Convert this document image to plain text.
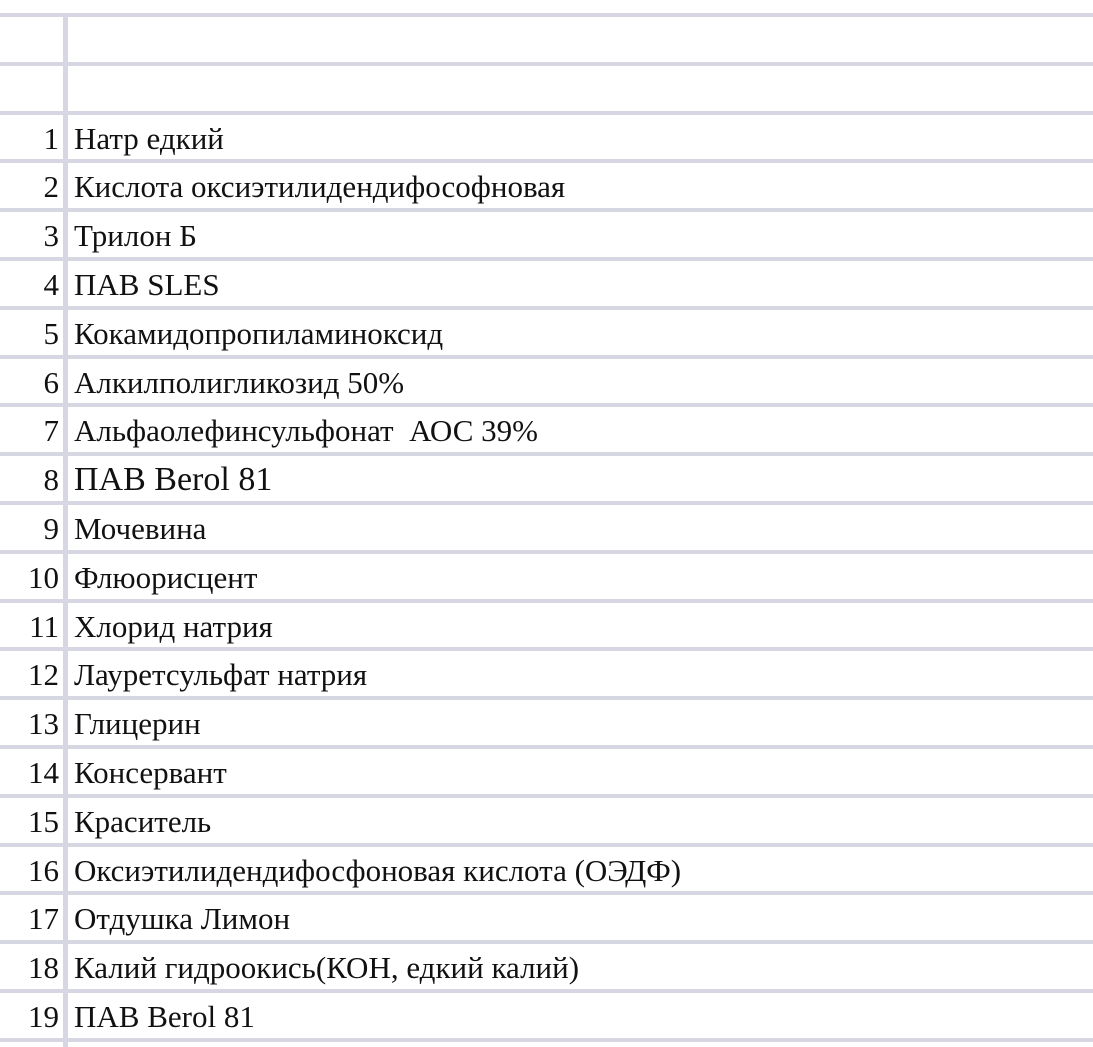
1 Натр едкий
2 Кислота оксиэтилидендифософновая
3 Трилон Б
4 ПАВ SLES
5 Кокамидопропиламиноксид
6 Алкилполигликозид 50%
7 Альфаолефинсульфонат  АОС 39%
8 ПАВ Berol 81
9 Мочевина
10 Флюорисцент
11 Хлорид натрия
12 Лауретсульфат натрия
13 Глицерин
14 Консервант
15 Краситель
16 Оксиэтилидендифосфоновая кислота (ОЭДФ)
17 Отдушка Лимон
18 Калий гидроокись(КОН, едкий калий)
19 ПАВ Berol 81
